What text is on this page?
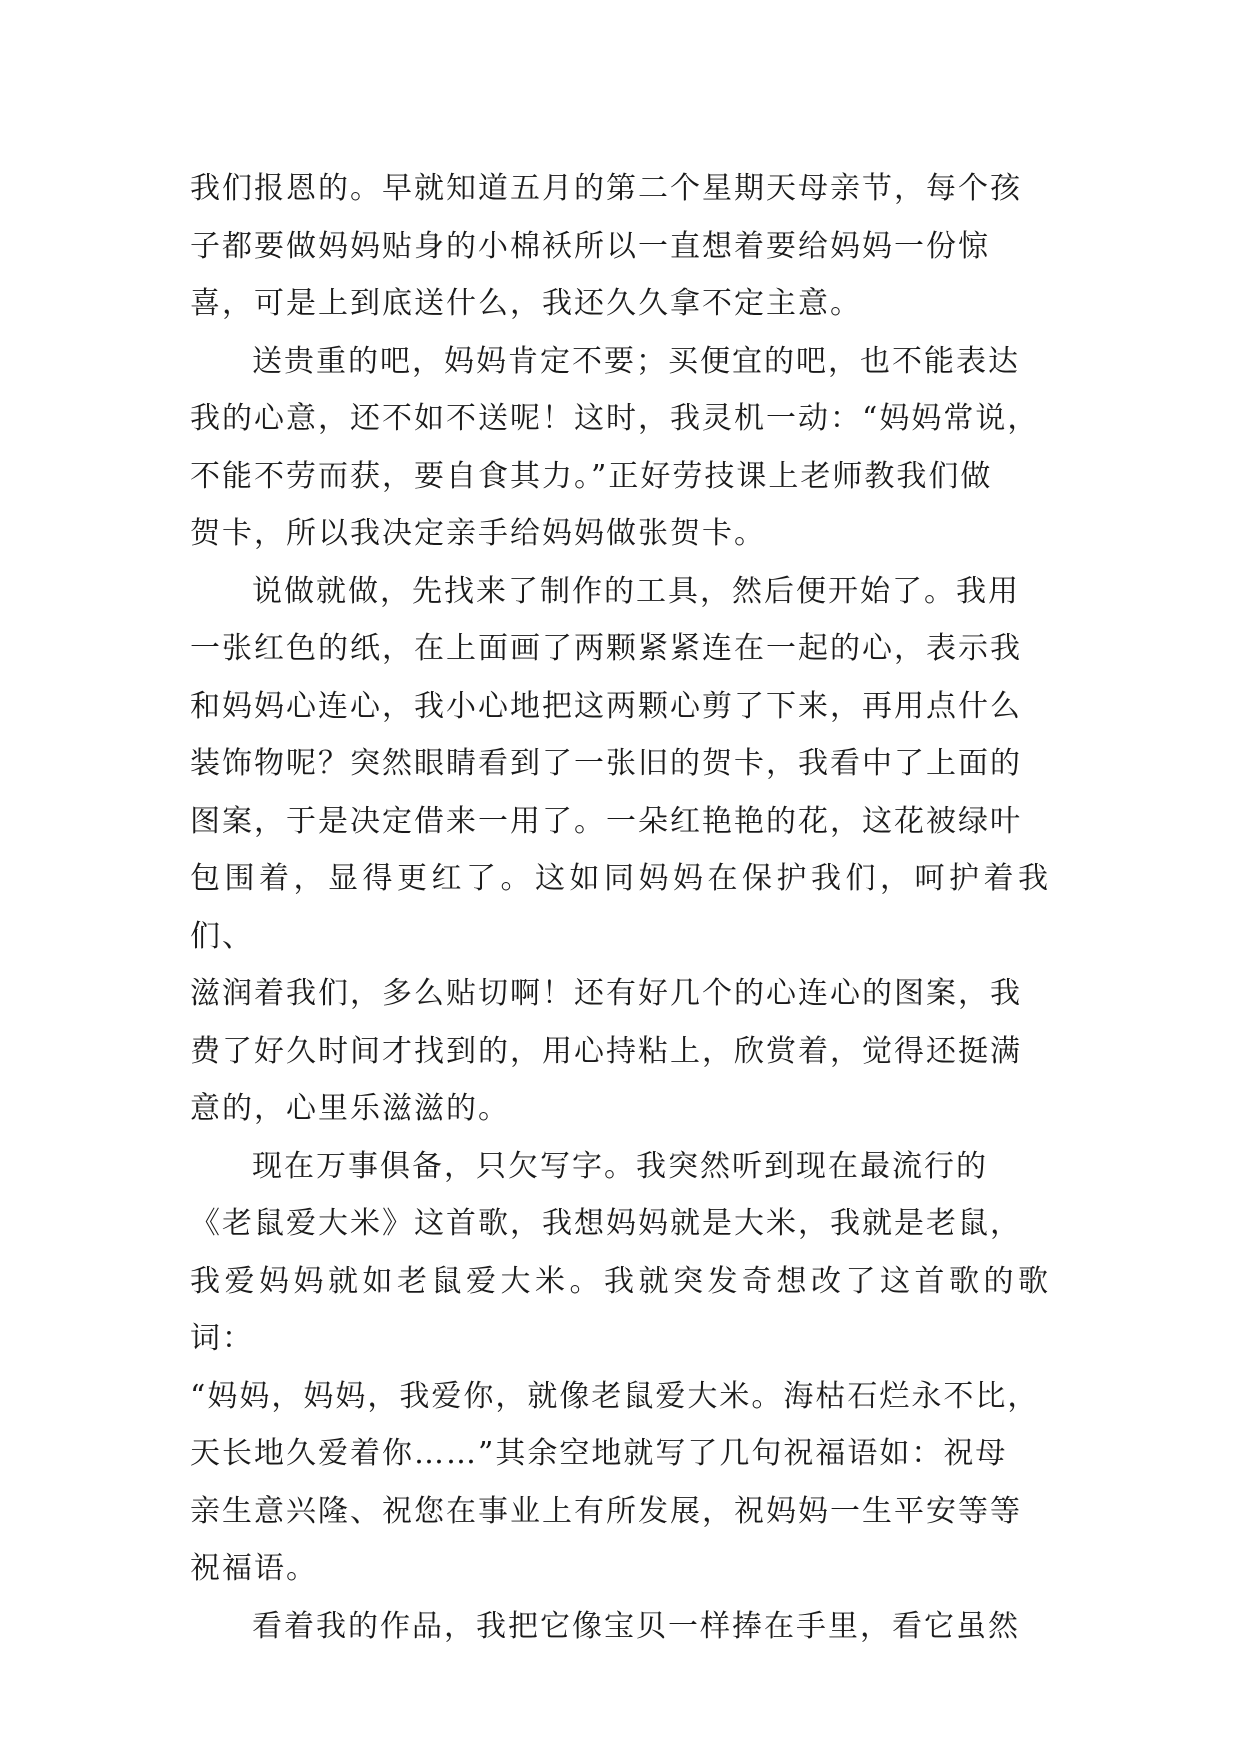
我们报恩的。早就知道五月的第二个星期天母亲节，每个孩
子都要做妈妈贴身的小棉袄所以一直想着要给妈妈一份惊
喜，可是上到底送什么，我还久久拿不定主意。

送贵重的吧，妈妈肯定不要；买便宜的吧，也不能表达
我的心意，还不如不送呢！这时，我灵机一动：“妈妈常说，
不能不劳而获，要自食其力。”正好劳技课上老师教我们做
贺卡，所以我决定亲手给妈妈做张贺卡。

说做就做，先找来了制作的工具，然后便开始了。我用
一张红色的纸，在上面画了两颗紧紧连在一起的心，表示我
和妈妈心连心，我小心地把这两颗心剪了下来，再用点什么
装饰物呢？突然眼睛看到了一张旧的贺卡，我看中了上面的
图案，于是决定借来一用了。一朵红艳艳的花，这花被绿叶
包围着，显得更红了。这如同妈妈在保护我们，呵护着我们、
滋润着我们，多么贴切啊！还有好几个的心连心的图案，我
费了好久时间才找到的，用心持粘上，欣赏着，觉得还挺满
意的，心里乐滋滋的。

现在万事俱备，只欠写字。我突然听到现在最流行的
《老鼠爱大米》这首歌，我想妈妈就是大米，我就是老鼠，
我爱妈妈就如老鼠爱大米。我就突发奇想改了这首歌的歌词：
“妈妈，妈妈，我爱你，就像老鼠爱大米。海枯石烂永不比，
天长地久爱着你……”其余空地就写了几句祝福语如：祝母
亲生意兴隆、祝您在事业上有所发展，祝妈妈一生平安等等
祝福语。

看着我的作品，我把它像宝贝一样捧在手里，看它虽然
